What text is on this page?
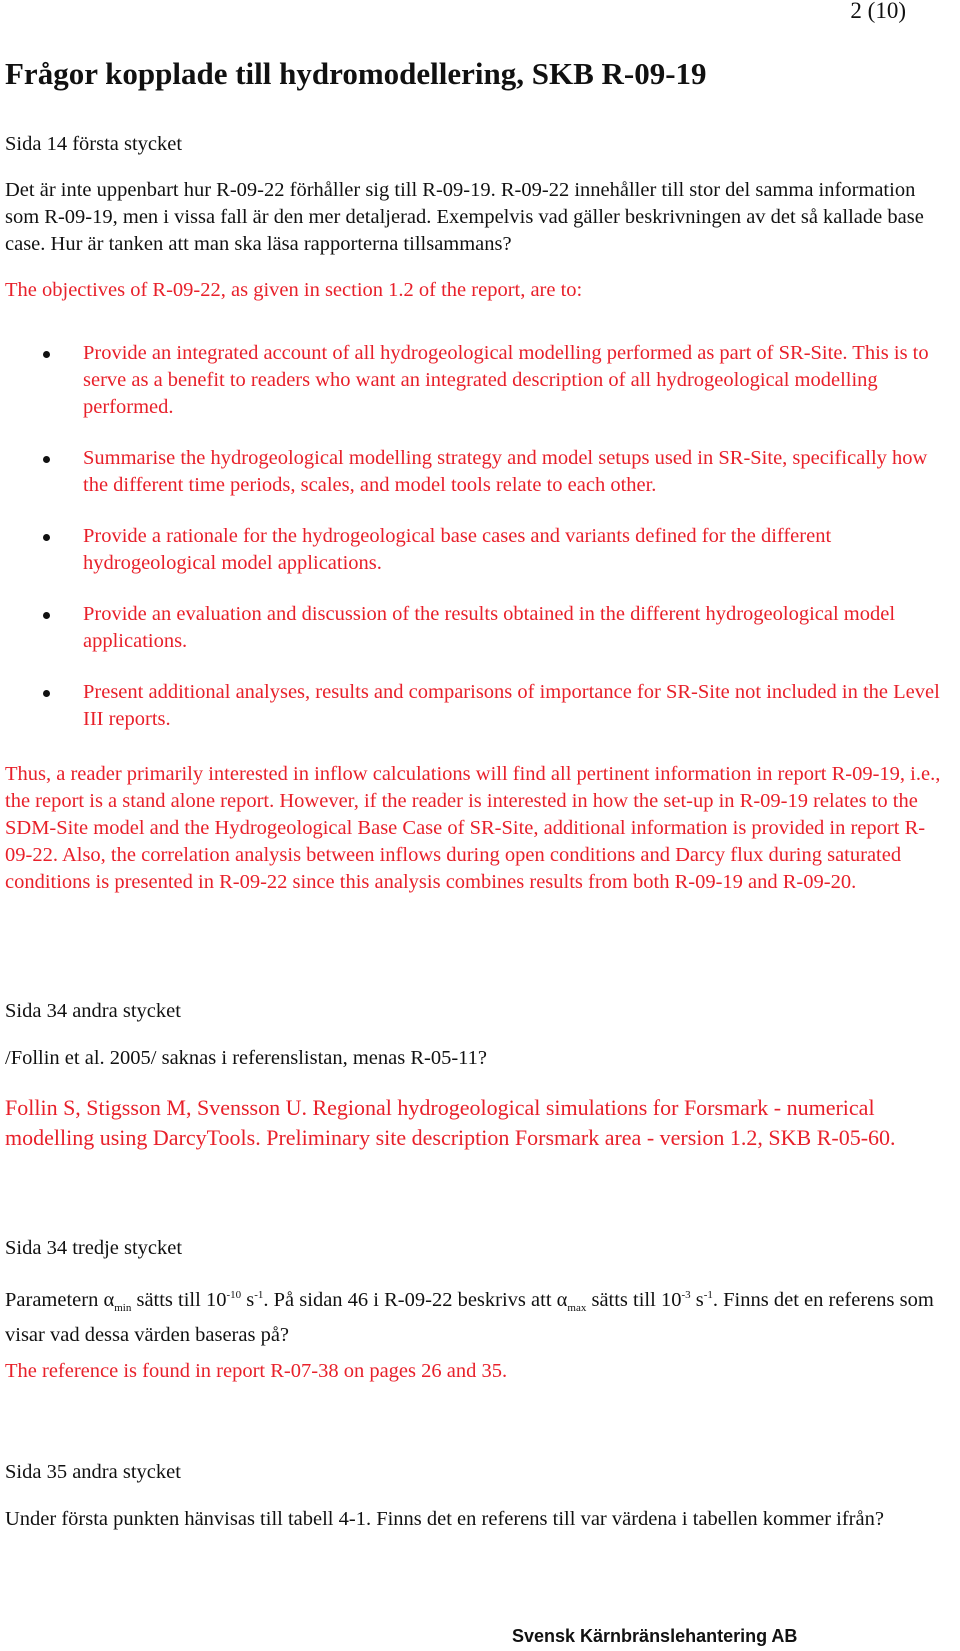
2 (10)
Frågor kopplade till hydromodellering, SKB R-09-19

Sida 14 första stycket

Det är inte uppenbart hur R-09-22 förhåller sig till R-09-19. R-09-22 innehåller till stor del samma information som R-09-19, men i vissa fall är den mer detaljerad. Exempelvis vad gäller beskrivningen av det så kallade base case. Hur är tanken att man ska läsa rapporterna tillsammans?

The objectives of R-09-22, as given in section 1.2 of the report, are to:

Provide an integrated account of all hydrogeological modelling performed as part of SR-Site. This is to serve as a benefit to readers who want an integrated description of all hydrogeological modelling performed.
Summarise the hydrogeological modelling strategy and model setups used in SR-Site, specifically how the different time periods, scales, and model tools relate to each other.
Provide a rationale for the hydrogeological base cases and variants defined for the different hydrogeological model applications.
Provide an evaluation and discussion of the results obtained in the different hydrogeological model applications.
Present additional analyses, results and comparisons of importance for SR-Site not included in the Level III reports.

Thus, a reader primarily interested in inflow calculations will find all pertinent information in report R-09-19, i.e., the report is a stand alone report. However, if the reader is interested in how the set-up in R-09-19 relates to the SDM-Site model and the Hydrogeological Base Case of SR-Site, additional information is provided in report R-09-22. Also, the correlation analysis between inflows during open conditions and Darcy flux during saturated conditions is presented in R-09-22 since this analysis combines results from both R-09-19 and R-09-20.

Sida 34 andra stycket

/Follin et al. 2005/ saknas i referenslistan, menas R-05-11?

Follin S, Stigsson M, Svensson U. Regional hydrogeological simulations for Forsmark - numerical modelling using DarcyTools. Preliminary site description Forsmark area - version 1.2, SKB R-05-60.

Sida 34 tredje stycket

Parametern $\alpha_{min}$ sätts till $10^{-10}$ $s^{-1}$. På sidan 46 i R-09-22 beskrivs att $\alpha_{max}$ sätts till $10^{-3}$ $s^{-1}$. Finns det en referens som visar vad dessa värden baseras på?

The reference is found in report R-07-38 on pages 26 and 35.

Sida 35 andra stycket

Under första punkten hänvisas till tabell 4-1. Finns det en referens till var värdena i tabellen kommer ifrån?

Svensk Kärnbränslehantering AB
